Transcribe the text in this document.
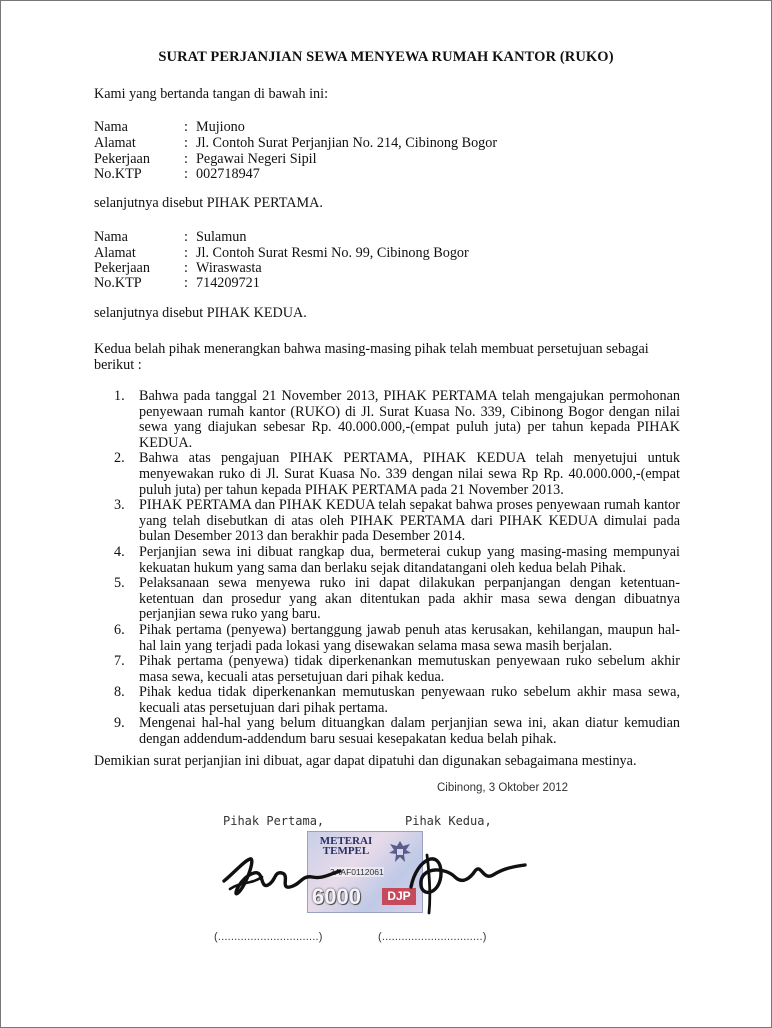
SURAT PERJANJIAN SEWA MENYEWA RUMAH KANTOR (RUKO)
Kami yang bertanda tangan di bawah ini:
Nama	: Mujiono
Alamat	: Jl. Contoh Surat Perjanjian No. 214, Cibinong Bogor
Pekerjaan : Pegawai Negeri Sipil
No.KTP	: 002718947
selanjutnya disebut PIHAK PERTAMA.
Nama	: Sulamun
Alamat	: Jl. Contoh Surat Resmi No. 99, Cibinong Bogor
Pekerjaan : Wiraswasta
No.KTP	: 714209721
selanjutnya disebut PIHAK KEDUA.
Kedua belah pihak menerangkan bahwa masing-masing pihak telah membuat persetujuan sebagai berikut :
1. Bahwa pada tanggal 21 November 2013, PIHAK PERTAMA telah mengajukan permohonan penyewaan rumah kantor (RUKO) di Jl. Surat Kuasa No. 339, Cibinong Bogor dengan nilai sewa yang diajukan sebesar Rp. 40.000.000,-(empat puluh juta) per tahun kepada PIHAK KEDUA.
2. Bahwa atas pengajuan PIHAK PERTAMA, PIHAK KEDUA telah menyetujui untuk menyewakan ruko di Jl. Surat Kuasa No. 339 dengan nilai sewa Rp Rp. 40.000.000,-(empat puluh juta) per tahun kepada PIHAK PERTAMA pada 21 November 2013.
3. PIHAK PERTAMA dan PIHAK KEDUA telah sepakat bahwa proses penyewaan rumah kantor yang telah disebutkan di atas oleh PIHAK PERTAMA dari PIHAK KEDUA dimulai pada bulan Desember 2013 dan berakhir pada Desember 2014.
4. Perjanjian sewa ini dibuat rangkap dua, bermeterai cukup yang masing-masing mempunyai kekuatan hukum yang sama dan berlaku sejak ditandatangani oleh kedua belah Pihak.
5. Pelaksanaan sewa menyewa ruko ini dapat dilakukan perpanjangan dengan ketentuan-ketentuan dan prosedur yang akan ditentukan pada akhir masa sewa dengan dibuatnya perjanjian sewa ruko yang baru.
6. Pihak pertama (penyewa) bertanggung jawab penuh atas kerusakan, kehilangan, maupun hal-hal lain yang terjadi pada lokasi yang disewakan selama masa sewa masih berjalan.
7. Pihak pertama (penyewa) tidak diperkenankan memutuskan penyewaan ruko sebelum akhir masa sewa, kecuali atas persetujuan dari pihak kedua.
8. Pihak kedua tidak diperkenankan memutuskan penyewaan ruko sebelum akhir masa sewa, kecuali atas persetujuan dari pihak pertama.
9. Mengenai hal-hal yang belum dituangkan dalam perjanjian sewa ini, akan diatur kemudian dengan addendum-addendum baru sesuai kesepakatan kedua belah pihak.
Demikian surat perjanjian ini dibuat, agar dapat dipatuhi dan digunakan sebagaimana mestinya.
Cibinong, 3 Oktober 2012
Pihak Pertama,	Pihak Kedua,
METERAI
TEMPEL
3AAF0112061
6000	DJP
(...............................)	(...............................)
